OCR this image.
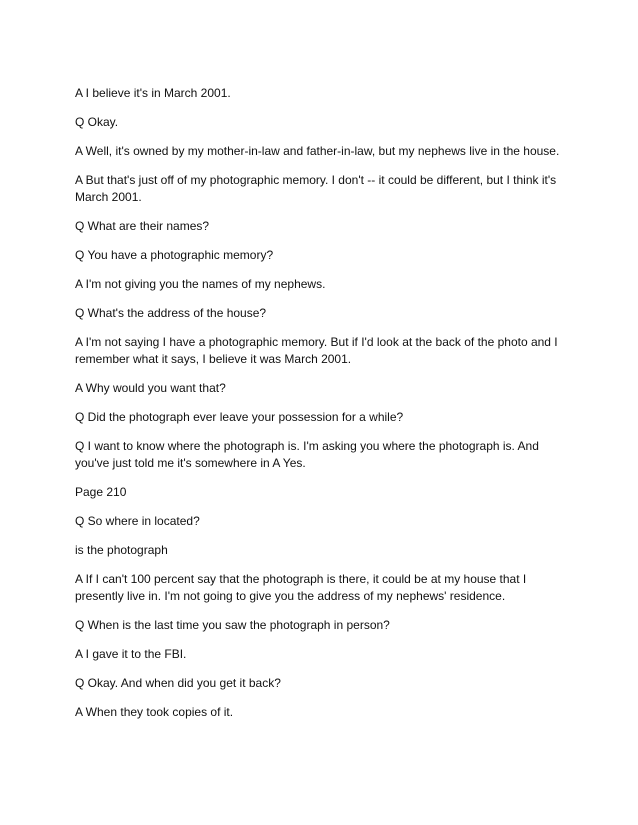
A I believe it's in March 2001.

Q Okay.

A Well, it's owned by my mother-in-law and father-in-law, but my nephews live in the house.

A But that's just off of my photographic memory. I don't -- it could be different, but I think it's March 2001.

Q What are their names?

Q You have a photographic memory?

A I'm not giving you the names of my nephews.

Q What's the address of the house?

A I'm not saying I have a photographic memory. But if I'd look at the back of the photo and I remember what it says, I believe it was March 2001.

A Why would you want that?

Q Did the photograph ever leave your possession for a while?

Q I want to know where the photograph is. I'm asking you where the photograph is. And you've just told me it's somewhere in A Yes.

Page 210

Q So where in located?

is the photograph

A If I can't 100 percent say that the photograph is there, it could be at my house that I presently live in. I'm not going to give you the address of my nephews' residence.

Q When is the last time you saw the photograph in person?

A I gave it to the FBI.

Q Okay. And when did you get it back?

A When they took copies of it.
